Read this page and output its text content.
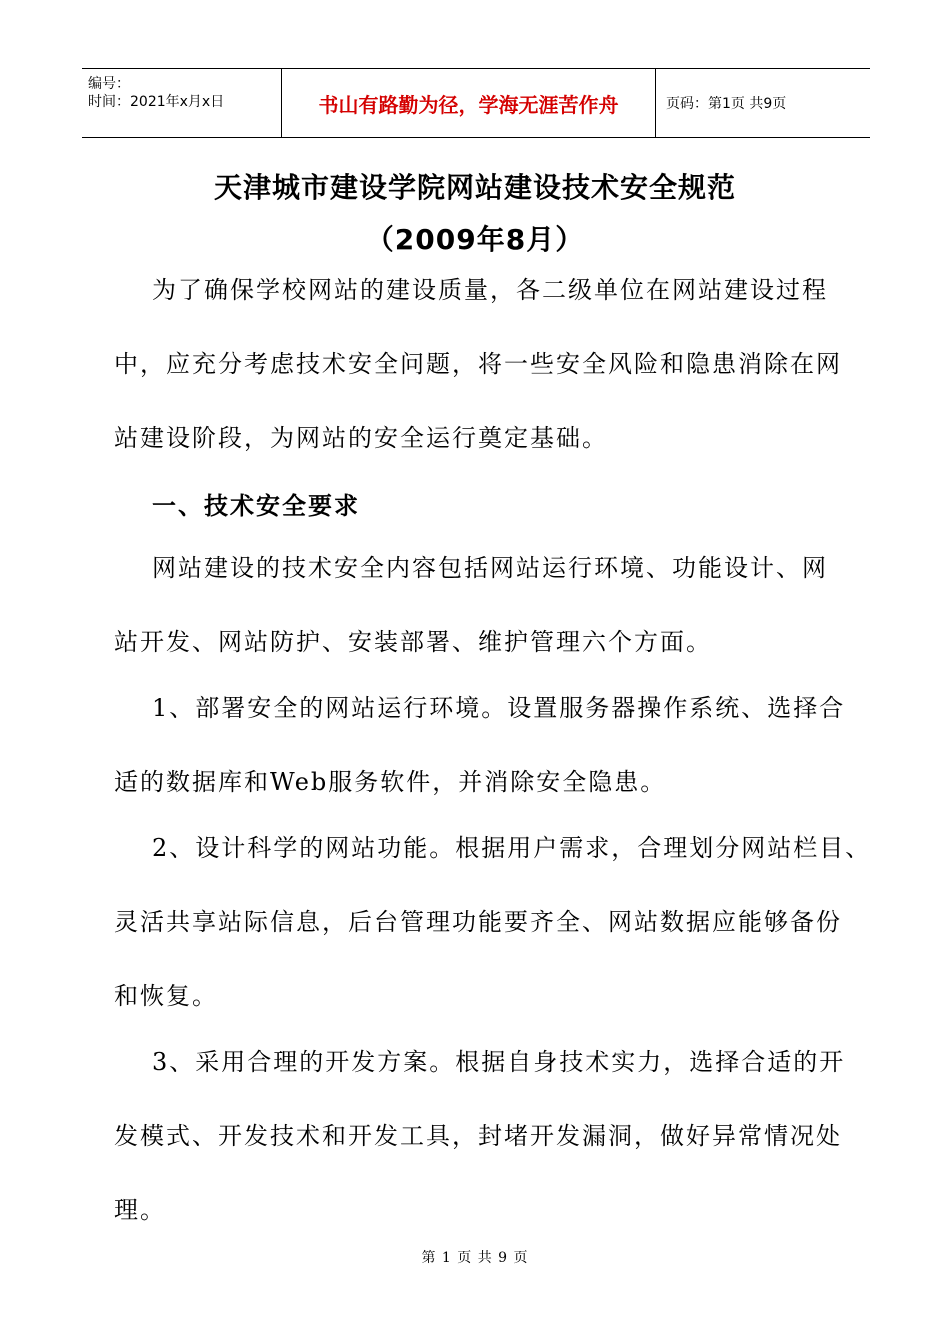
编号：
时间：2021年x月x日	书山有路勤为径，学海无涯苦作舟	页码：第1页 共9页
天津城市建设学院网站建设技术安全规范
（2009年8月）
为了确保学校网站的建设质量，各二级单位在网站建设过程
中，应充分考虑技术安全问题，将一些安全风险和隐患消除在网
站建设阶段，为网站的安全运行奠定基础。
一、技术安全要求
网站建设的技术安全内容包括网站运行环境、功能设计、网
站开发、网站防护、安装部署、维护管理六个方面。
1、部署安全的网站运行环境。设置服务器操作系统、选择合
适的数据库和Web服务软件，并消除安全隐患。
2、设计科学的网站功能。根据用户需求，合理划分网站栏目、
灵活共享站际信息，后台管理功能要齐全、网站数据应能够备份
和恢复。
3、采用合理的开发方案。根据自身技术实力，选择合适的开
发模式、开发技术和开发工具，封堵开发漏洞，做好异常情况处
理。
第 1 页 共 9 页
